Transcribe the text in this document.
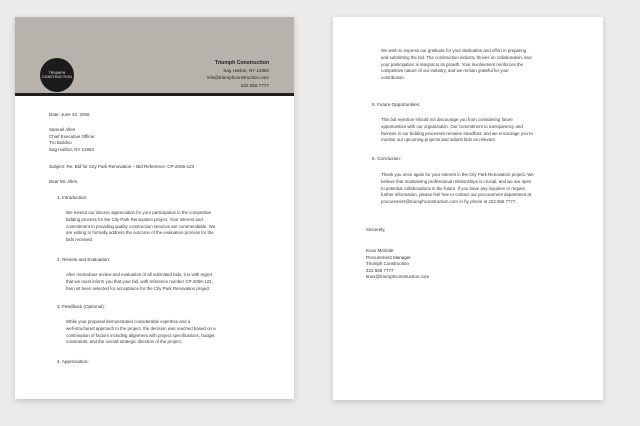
TRIUMPH
CONSTRUCTION
Triumph Construction
Sag Harbor, NY 11963
info@triumphconstruction.com
222 555 7777
Date: June 22, 2056
Samuel Allen
Chief Executive Officer
Tru Buildco
Sag Harbor, NY 11963
Subject: Re: Bid for City Park Renovation – Bid Reference: CP-2056-123
Dear Mr. Allen,
1. Introduction:
We extend our sincere appreciation for your participation in the competitive
bidding process for the City Park Renovation project. Your interest and
commitment to providing quality construction services are commendable. We
are writing to formally address the outcome of the evaluation process for the
bids received.
2. Review and Evaluation:
After meticulous review and evaluation of all submitted bids, it is with regret
that we must inform you that your bid, with reference number CP-2056-123,
has not been selected for acceptance for the City Park Renovation project.
3. Feedback (Optional):
While your proposal demonstrated considerable expertise and a
well-structured approach to the project, the decision was reached based on a
combination of factors including alignment with project specifications, budget
constraints, and the overall strategic direction of the project.
4. Appreciation:
We wish to express our gratitude for your dedication and effort in preparing
and submitting the bid. The construction industry thrives on collaboration, and
your participation is integral to its growth. Your involvement reinforces the
competitive nature of our industry, and we remain grateful for your
contribution.
5. Future Opportunities:
This bid rejection should not discourage you from considering future
opportunities with our organization. Our commitment to transparency and
fairness in our bidding processes remains steadfast, and we encourage you to
monitor our upcoming projects and submit bids as relevant.
6. Conclusion:
Thank you once again for your interest in the City Park Renovation project. We
believe that maintaining professional relationships is crucial, and we are open
to potential collaborations in the future. If you have any inquiries or require
further information, please feel free to contact our procurement department at
procurement@triumphconstruction.com or by phone at 222 555 7777.
Sincerely,
Knox Mcbride
Procurement Manager
Triumph Construction
222 555 7777
knox@triumphconstruction.com
